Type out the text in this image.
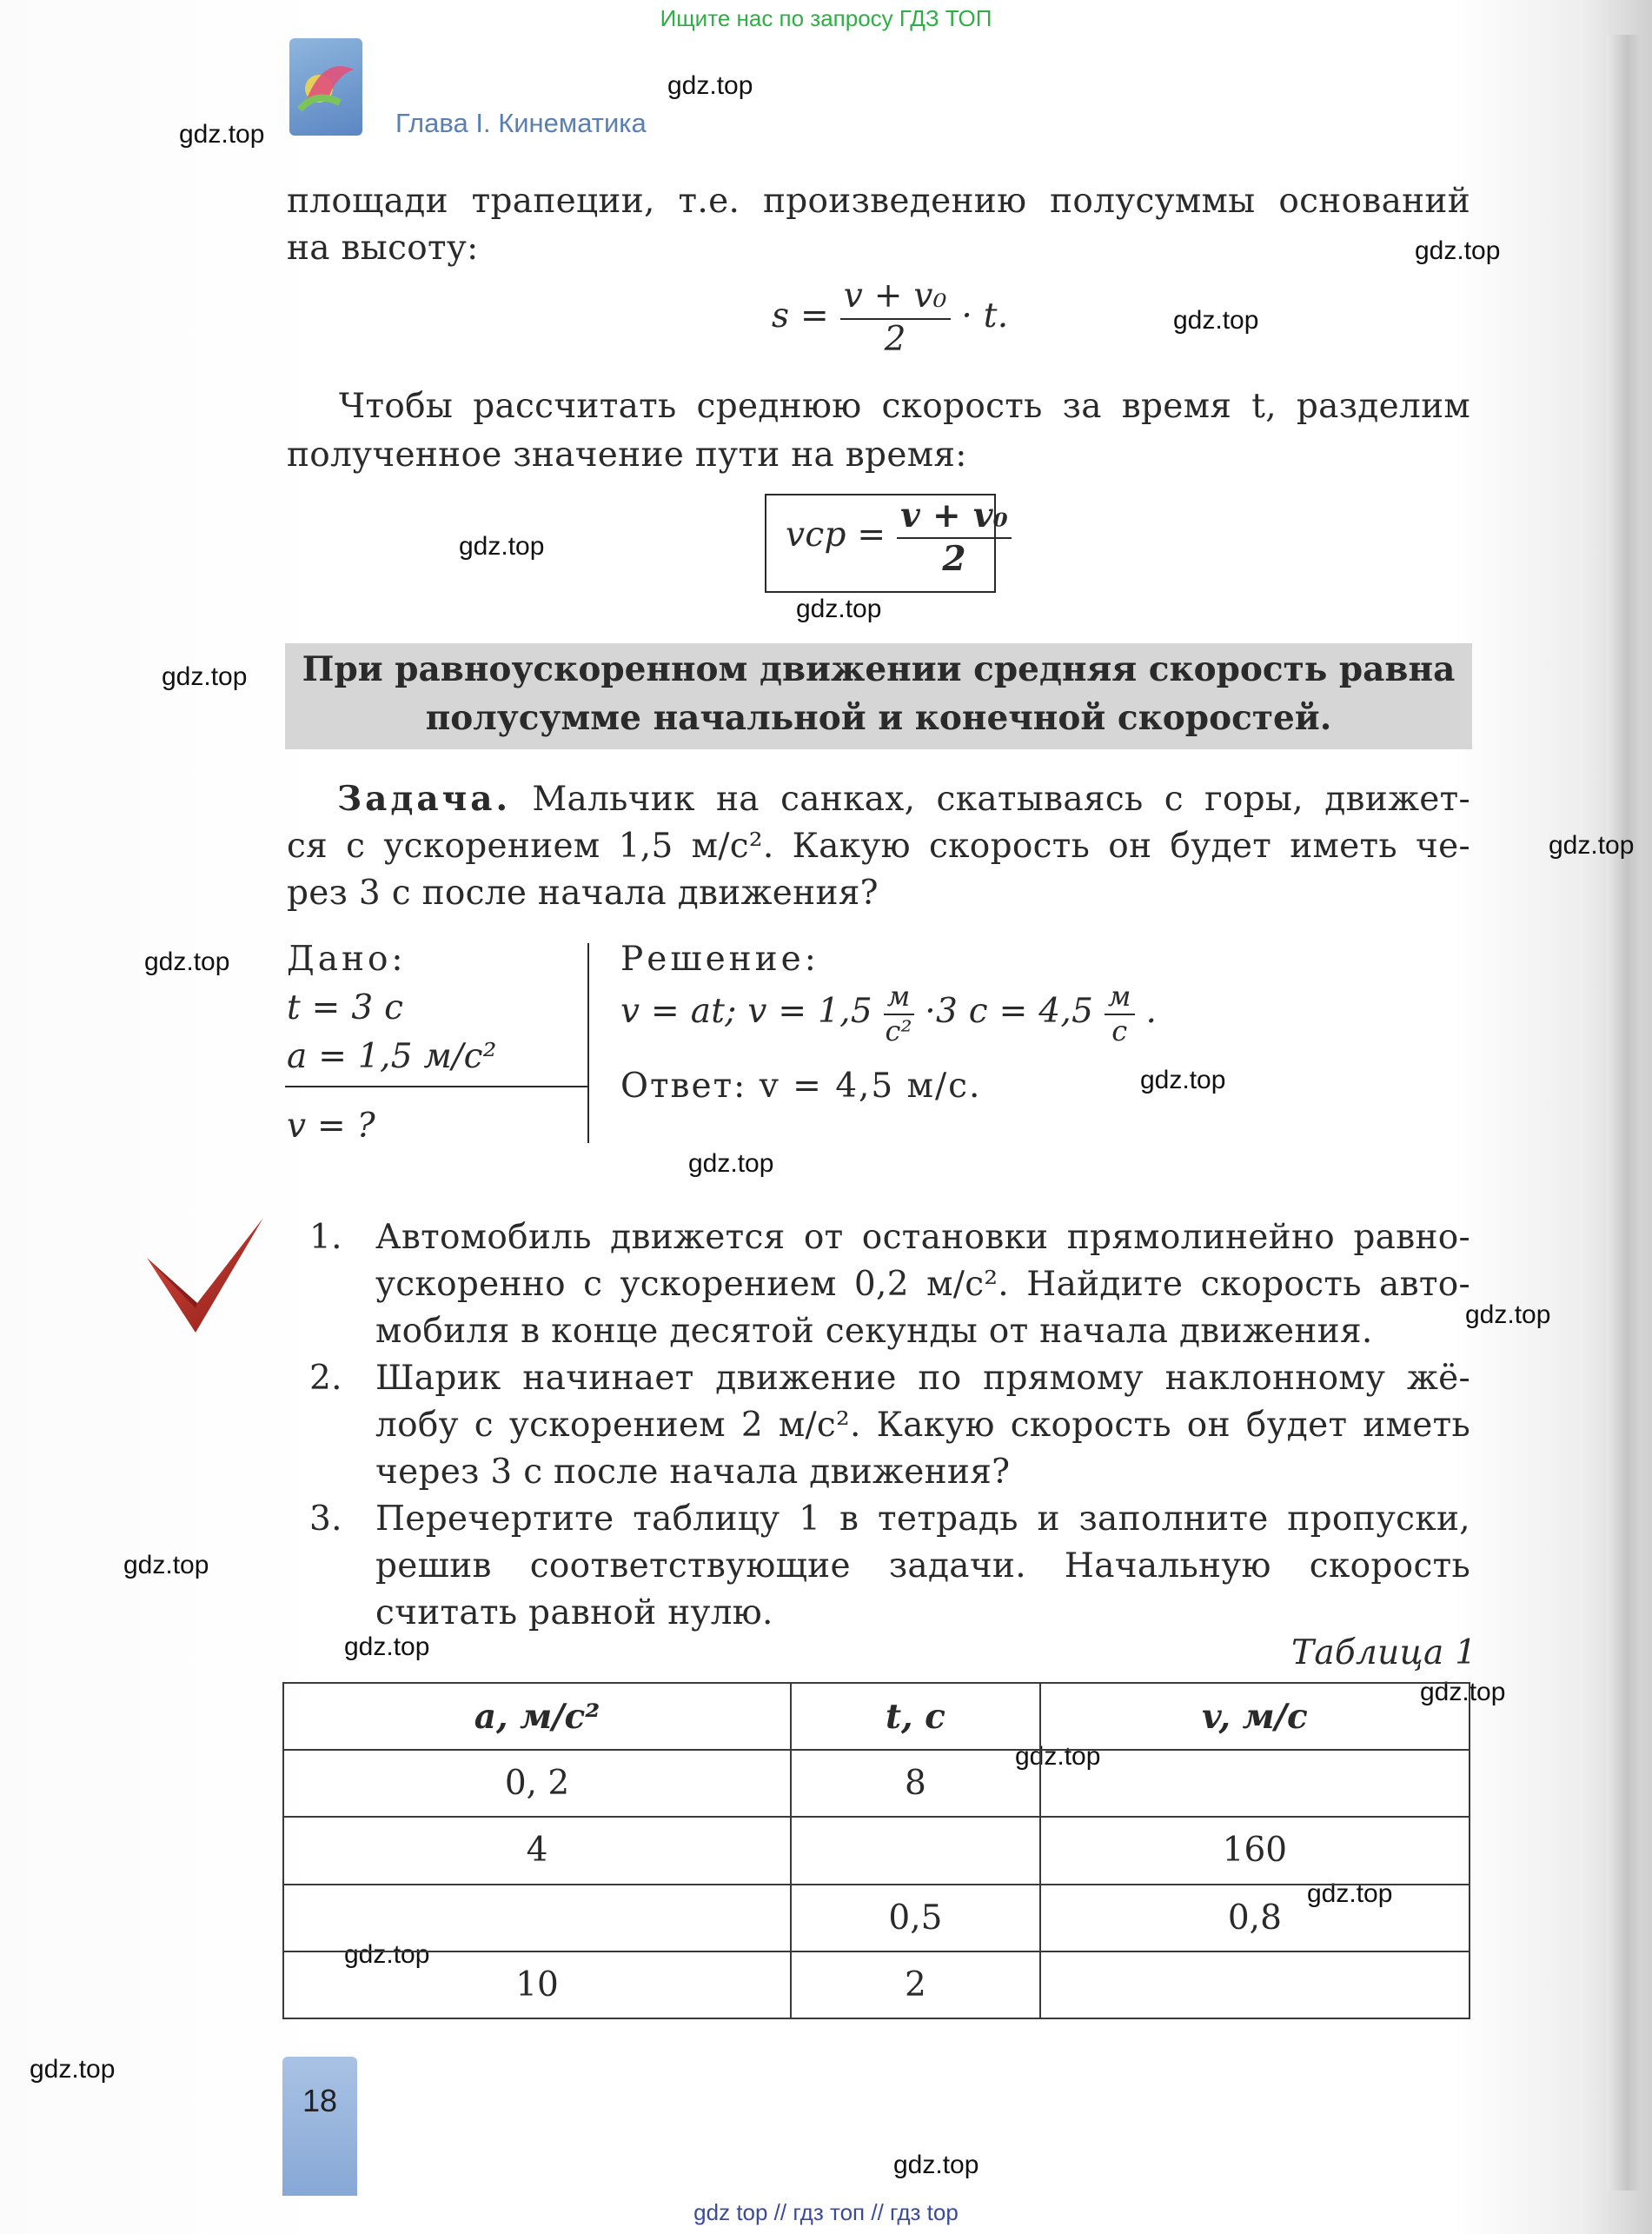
Ищите нас по запросу ГДЗ ТОП
Глава I. Кинематика
gdz.top
gdz.top
gdz.top
gdz.top
gdz.top
gdz.top
gdz.top
gdz.top
gdz.top
gdz.top
gdz.top
gdz.top
gdz.top
gdz.top
gdz.top
gdz.top
gdz.top
gdz.top
gdz.top
gdz.top
площади трапеции, т.е. произведению полусуммы оснований
на высоту:
$s = \frac{\text{v + v₀}}{2} \cdot t$.
Чтобы рассчитать среднюю скорость за время t, разделим
полученное значение пути на время:
vср = $\frac{\text{v + v₀}}{2}$
При равноускоренном движении средняя скорость равна
полусумме начальной и конечной скоростей.
Задача. Мальчик на санках, скатываясь с горы, движет-
ся с ускорением 1,5 м/с². Какую скорость он будет иметь че-
рез 3 с после начала движения?
Дано:
t = 3 с
a = 1,5 м/с²
v = ?
Решение:
v = at; $v = 1,5 \frac{м}{\text{с²}} \cdot 3$ $с = 4,5 \frac{м}{с}$ .
Ответ: v = 4,5 м/с.
1. Автомобиль движется от остановки прямолинейно равно-
ускоренно с ускорением 0,2 м/с². Найдите скорость авто-
мобиля в конце десятой секунды от начала движения.
2. Шарик начинает движение по прямому наклонному жё-
лобу с ускорением 2 м/с². Какую скорость он будет иметь
через 3 с после начала движения?
3. Перечертите таблицу 1 в тетрадь и заполните пропуски,
решив соответствующие задачи. Начальную скорость
считать равной нулю.
Таблица 1
a, м/с²	t, с	v, м/с
0, 2	8	
4		160
	0,5	0,8
10	2	
18
gdz top // гдз топ // гдз top
